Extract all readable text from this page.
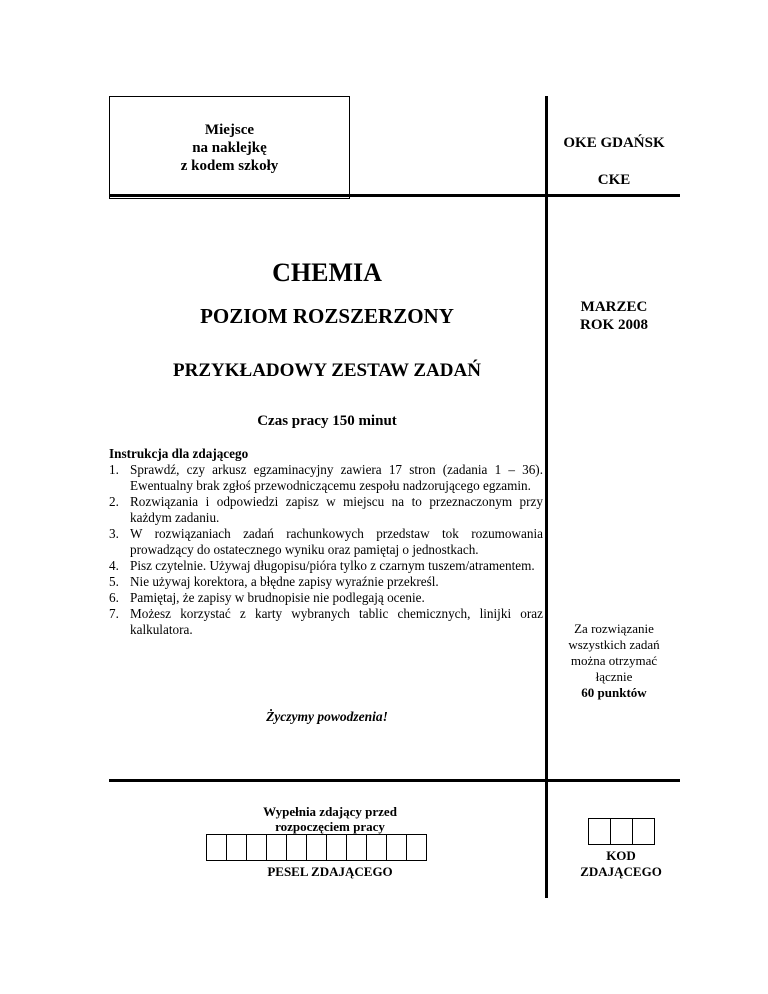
Miejsce
na naklejkę
z kodem szkoły
OKE GDAŃSK
CKE
CHEMIA
POZIOM ROZSZERZONY
PRZYKŁADOWY ZESTAW ZADAŃ
Czas pracy 150 minut
MARZEC
ROK 2008
Instrukcja dla zdającego
1. Sprawdź, czy arkusz egzaminacyjny zawiera 17 stron (zadania 1 – 36). Ewentualny brak zgłoś przewodniczącemu zespołu nadzorującego egzamin.
2. Rozwiązania i odpowiedzi zapisz w miejscu na to przeznaczonym przy każdym zadaniu.
3. W rozwiązaniach zadań rachunkowych przedstaw tok rozumowania prowadzący do ostatecznego wyniku oraz pamiętaj o jednostkach.
4. Pisz czytelnie. Używaj długopisu/pióra tylko z czarnym tuszem/atramentem.
5. Nie używaj korektora, a błędne zapisy wyraźnie przekreśl.
6. Pamiętaj, że zapisy w brudnopisie nie podlegają ocenie.
7. Możesz korzystać z karty wybranych tablic chemicznych, linijki oraz kalkulatora.
Życzymy powodzenia!
Za rozwiązanie
wszystkich zadań
można otrzymać
łącznie
60 punktów
Wypełnia zdający przed
rozpoczęciem pracy
PESEL ZDAJĄCEGO
KOD
ZDAJĄCEGO
